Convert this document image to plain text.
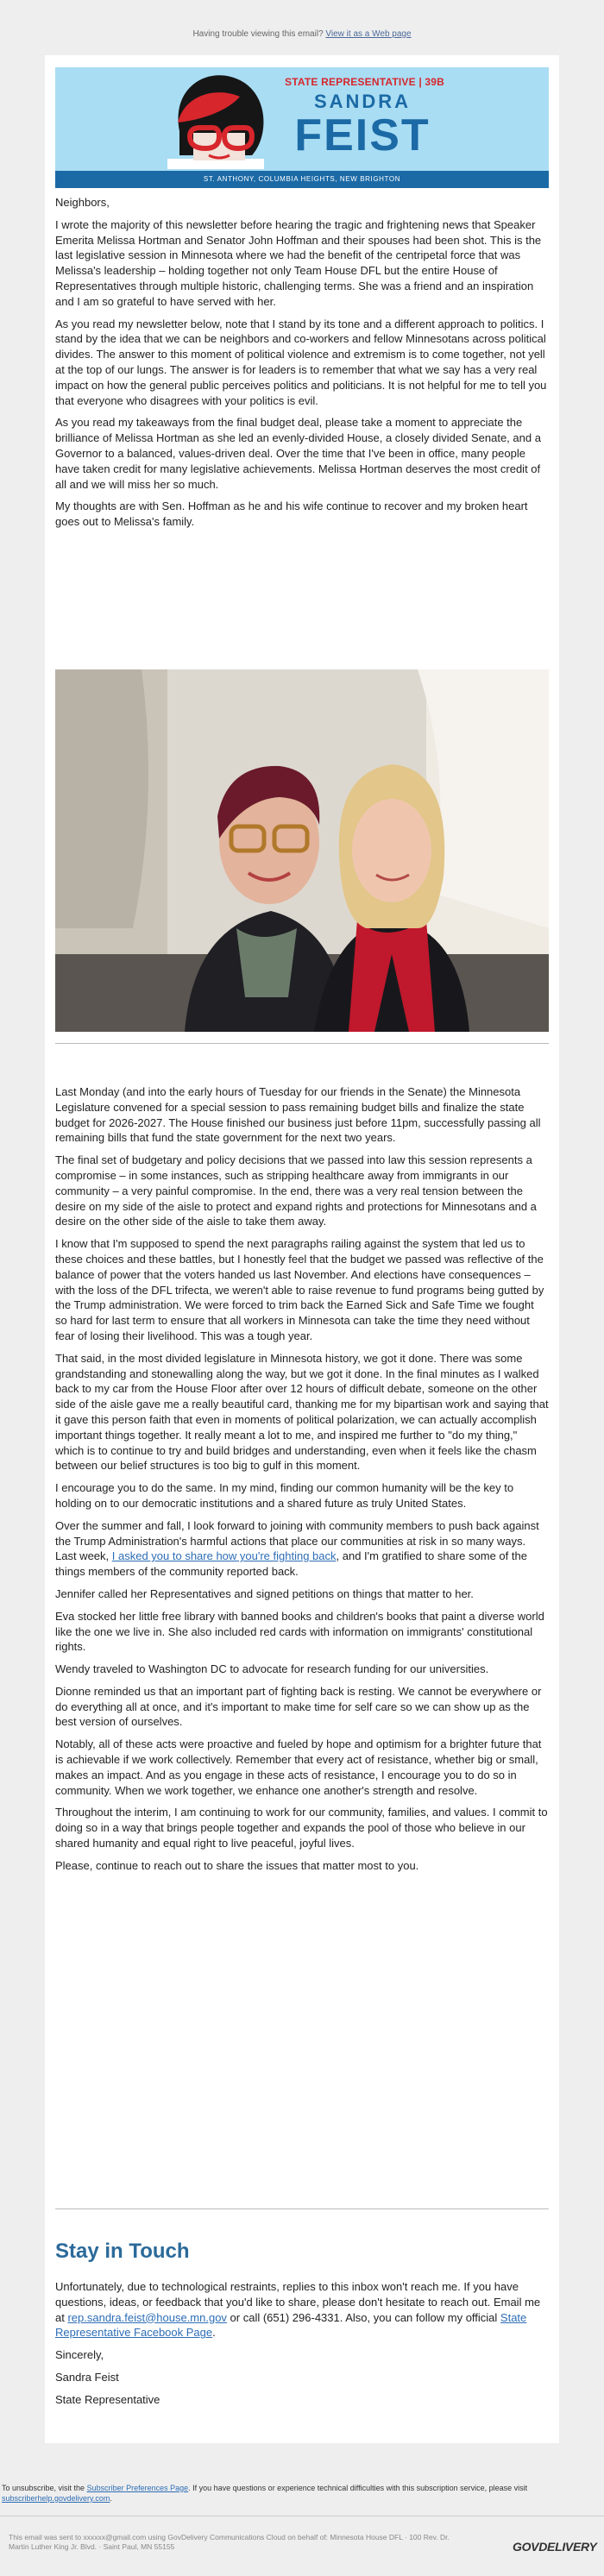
Having trouble viewing this email? View it as a Web page
STATE REPRESENTATIVE | 39B
SANDRA
FEIST
ST. ANTHONY, COLUMBIA HEIGHTS, NEW BRIGHTON

Neighbors,

I wrote the majority of this newsletter before hearing the tragic and frightening news that Speaker Emerita Melissa Hortman and Senator John Hoffman and their spouses had been shot. This is the last legislative session in Minnesota where we had the benefit of the centripetal force that was Melissa's leadership – holding together not only Team House DFL but the entire House of Representatives through multiple historic, challenging terms. She was a friend and an inspiration and I am so grateful to have served with her.

As you read my newsletter below, note that I stand by its tone and a different approach to politics. I stand by the idea that we can be neighbors and co-workers and fellow Minnesotans across political divides. The answer to this moment of political violence and extremism is to come together, not yell at the top of our lungs. The answer is for leaders is to remember that what we say has a very real impact on how the general public perceives politics and politicians. It is not helpful for me to tell you that everyone who disagrees with your politics is evil.

As you read my takeaways from the final budget deal, please take a moment to appreciate the brilliance of Melissa Hortman as she led an evenly-divided House, a closely divided Senate, and a Governor to a balanced, values-driven deal. Over the time that I've been in office, many people have taken credit for many legislative achievements. Melissa Hortman deserves the most credit of all and we will miss her so much.

My thoughts are with Sen. Hoffman as he and his wife continue to recover and my broken heart goes out to Melissa's family.

Last Monday (and into the early hours of Tuesday for our friends in the Senate) the Minnesota Legislature convened for a special session to pass remaining budget bills and finalize the state budget for 2026-2027. The House finished our business just before 11pm, successfully passing all remaining bills that fund the state government for the next two years.

The final set of budgetary and policy decisions that we passed into law this session represents a compromise – in some instances, such as stripping healthcare away from immigrants in our community – a very painful compromise. In the end, there was a very real tension between the desire on my side of the aisle to protect and expand rights and protections for Minnesotans and a desire on the other side of the aisle to take them away.

I know that I'm supposed to spend the next paragraphs railing against the system that led us to these choices and these battles, but I honestly feel that the budget we passed was reflective of the balance of power that the voters handed us last November. And elections have consequences – with the loss of the DFL trifecta, we weren't able to raise revenue to fund programs being gutted by the Trump administration. We were forced to trim back the Earned Sick and Safe Time we fought so hard for last term to ensure that all workers in Minnesota can take the time they need without fear of losing their livelihood. This was a tough year.

That said, in the most divided legislature in Minnesota history, we got it done. There was some grandstanding and stonewalling along the way, but we got it done. In the final minutes as I walked back to my car from the House Floor after over 12 hours of difficult debate, someone on the other side of the aisle gave me a really beautiful card, thanking me for my bipartisan work and saying that it gave this person faith that even in moments of political polarization, we can actually accomplish important things together. It really meant a lot to me, and inspired me further to "do my thing," which is to continue to try and build bridges and understanding, even when it feels like the chasm between our belief structures is too big to gulf in this moment.

I encourage you to do the same. In my mind, finding our common humanity will be the key to holding on to our democratic institutions and a shared future as truly United States.

Over the summer and fall, I look forward to joining with community members to push back against the Trump Administration's harmful actions that place our communities at risk in so many ways. Last week, I asked you to share how you're fighting back, and I'm gratified to share some of the things members of the community reported back.

Jennifer called her Representatives and signed petitions on things that matter to her.

Eva stocked her little free library with banned books and children's books that paint a diverse world like the one we live in. She also included red cards with information on immigrants' constitutional rights.

Wendy traveled to Washington DC to advocate for research funding for our universities.

Dionne reminded us that an important part of fighting back is resting. We cannot be everywhere or do everything all at once, and it's important to make time for self care so we can show up as the best version of ourselves.

Notably, all of these acts were proactive and fueled by hope and optimism for a brighter future that is achievable if we work collectively. Remember that every act of resistance, whether big or small, makes an impact. And as you engage in these acts of resistance, I encourage you to do so in community. When we work together, we enhance one another's strength and resolve.

Throughout the interim, I am continuing to work for our community, families, and values. I commit to doing so in a way that brings people together and expands the pool of those who believe in our shared humanity and equal right to live peaceful, joyful lives.

Please, continue to reach out to share the issues that matter most to you.

Stay in Touch

Unfortunately, due to technological restraints, replies to this inbox won't reach me. If you have questions, ideas, or feedback that you'd like to share, please don't hesitate to reach out. Email me at rep.sandra.feist@house.mn.gov or call (651) 296-4331. Also, you can follow my official State Representative Facebook Page.

Sincerely,

Sandra Feist

State Representative

To unsubscribe, visit the Subscriber Preferences Page. If you have questions or experience technical difficulties with this subscription service, please visit
subscriberhelp.govdelivery.com.
This email was sent to xxxxxx@gmail.com using GovDelivery Communications Cloud on behalf of: Minnesota House DFL · 100 Rev. Dr. Martin Luther King Jr. Blvd. · Saint Paul, MN 55155	GOVDELIVERY
